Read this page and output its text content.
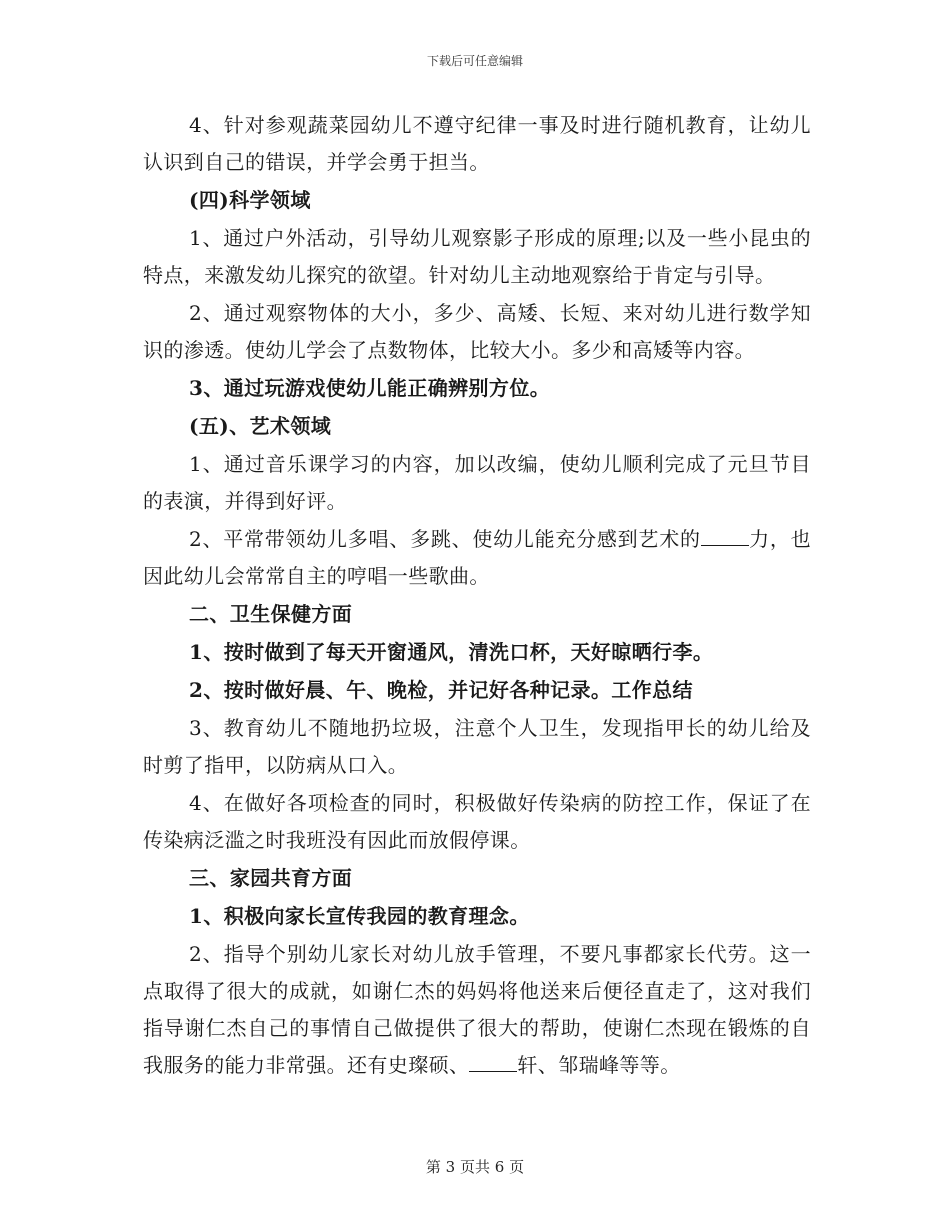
下载后可任意编辑

4、针对参观蔬菜园幼儿不遵守纪律一事及时进行随机教育，让幼儿认识到自己的错误，并学会勇于担当。

(四)科学领域

1、通过户外活动，引导幼儿观察影子形成的原理;以及一些小昆虫的特点，来激发幼儿探究的欲望。针对幼儿主动地观察给于肯定与引导。

2、通过观察物体的大小，多少、高矮、长短、来对幼儿进行数学知识的渗透。使幼儿学会了点数物体，比较大小。多少和高矮等内容。

3、通过玩游戏使幼儿能正确辨别方位。

(五)、艺术领域

1、通过音乐课学习的内容，加以改编，使幼儿顺利完成了元旦节目的表演，并得到好评。

2、平常带领幼儿多唱、多跳、使幼儿能充分感到艺术的 力，也因此幼儿会常常自主的哼唱一些歌曲。

二、卫生保健方面

1、按时做到了每天开窗通风，清洗口杯，天好晾晒行李。

2、按时做好晨、午、晚检，并记好各种记录。工作总结

3、教育幼儿不随地扔垃圾，注意个人卫生，发现指甲长的幼儿给及时剪了指甲，以防病从口入。

4、在做好各项检查的同时，积极做好传染病的防控工作，保证了在传染病泛滥之时我班没有因此而放假停课。

三、家园共育方面

1、积极向家长宣传我园的教育理念。

2、指导个别幼儿家长对幼儿放手管理，不要凡事都家长代劳。这一点取得了很大的成就，如谢仁杰的妈妈将他送来后便径直走了，这对我们指导谢仁杰自己的事情自己做提供了很大的帮助，使谢仁杰现在锻炼的自我服务的能力非常强。还有史璨硕、 轩、邹瑞峰等等。

第 3 页共 6 页
